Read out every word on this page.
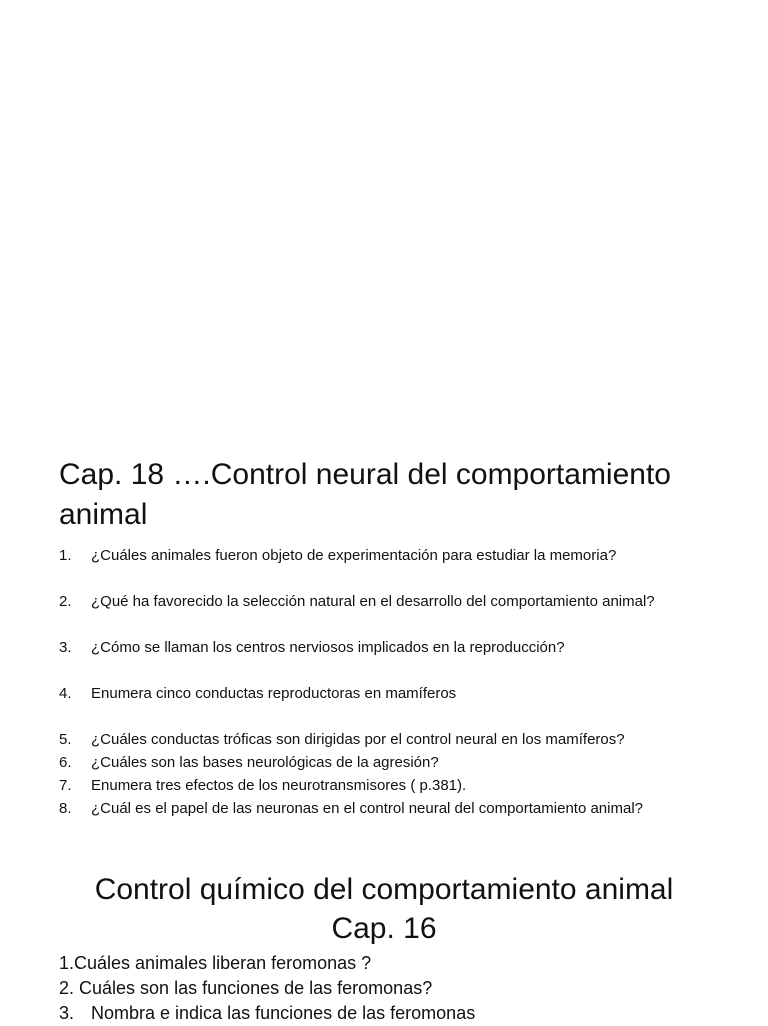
Cap. 18 ….Control neural del comportamiento animal
1.	¿Cuáles animales fueron objeto de experimentación para estudiar la memoria?
2.	¿Qué ha favorecido la selección natural en el desarrollo del comportamiento animal?
3.	¿Cómo se llaman los centros nerviosos implicados en la reproducción?
4.	Enumera cinco conductas reproductoras en mamíferos
5.	¿Cuáles conductas tróficas son dirigidas por el control neural en los mamíferos?
6.	¿Cuáles son las bases neurológicas de la agresión?
7.	Enumera tres efectos de los neurotransmisores ( p.381).
8.	¿Cuál es el papel de las neuronas en el control neural del comportamiento animal?
Control químico del comportamiento animal
Cap. 16
1.Cuáles animales liberan feromonas ?
2. Cuáles son las funciones de las feromonas?
3. Nombra e indica las funciones de las feromonas
